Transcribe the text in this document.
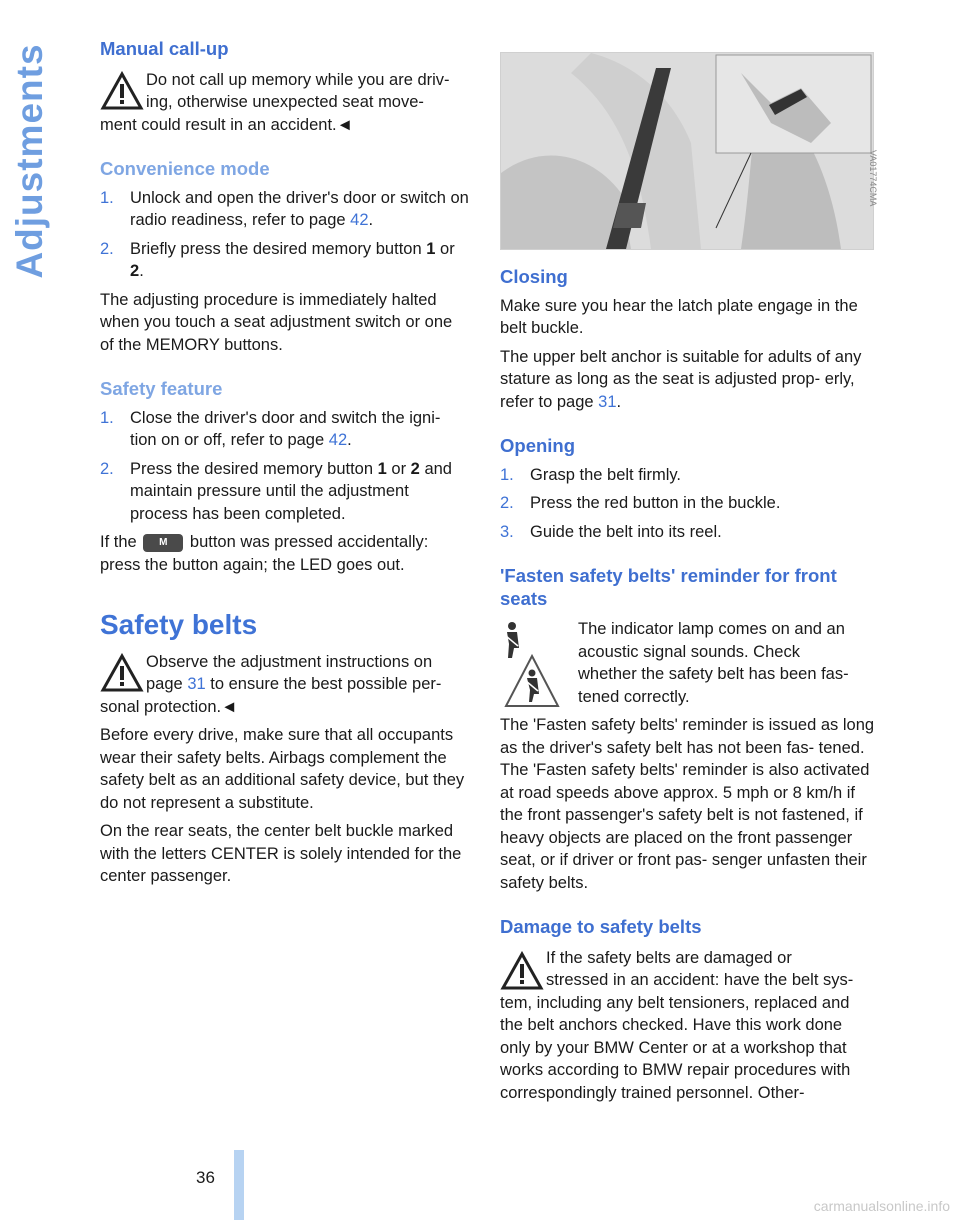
Adjustments	Manual call-up

Do not call up memory while you are driv-

ing, otherwise unexpected seat move-

ment could result in an accident.◄

Convenience mode
1. Unlock and open the driver's door or switch on radio readiness, refer to page 42.
2. Briefly press the desired memory button 1 or 2.

The adjusting procedure is immediately halted when you touch a seat adjustment switch or one of the MEMORY buttons.

Safety feature
1. Close the driver's door and switch the igni- tion on or off, refer to page 42.
2. Press the desired memory button 1 or 2 and maintain pressure until the adjustment process has been completed.

If the M button was pressed accidentally: press the button again; the LED goes out.

Safety belts

Observe the adjustment instructions on

page 31 to ensure the best possible per-

sonal protection.◄

Before every drive, make sure that all occupants wear their safety belts. Airbags complement the safety belt as an additional safety device, but they do not represent a substitute.

On the rear seats, the center belt buckle marked with the letters CENTER is solely intended for the center passenger.

VA01774CMA
Closing

Make sure you hear the latch plate engage in the belt buckle.

The upper belt anchor is suitable for adults of any stature as long as the seat is adjusted prop- erly, refer to page 31.

Opening
1. Grasp the belt firmly.
2. Press the red button in the buckle.
3. Guide the belt into its reel.
'Fasten safety belts' reminder for front seats

The indicator lamp comes on and an

acoustic signal sounds. Check

whether the safety belt has been fas-

tened correctly.

The 'Fasten safety belts' reminder is issued as long as the driver's safety belt has not been fas- tened. The 'Fasten safety belts' reminder is also activated at road speeds above approx. 5 mph or 8 km/h if the front passenger's safety belt is not fastened, if heavy objects are placed on the front passenger seat, or if driver or front pas- senger unfasten their safety belts.

Damage to safety belts

If the safety belts are damaged or

stressed in an accident: have the belt sys-

tem, including any belt tensioners, replaced and the belt anchors checked. Have this work done only by your BMW Center or at a workshop that works according to BMW repair procedures with correspondingly trained personnel. Other-

36
carmanualsonline.info
